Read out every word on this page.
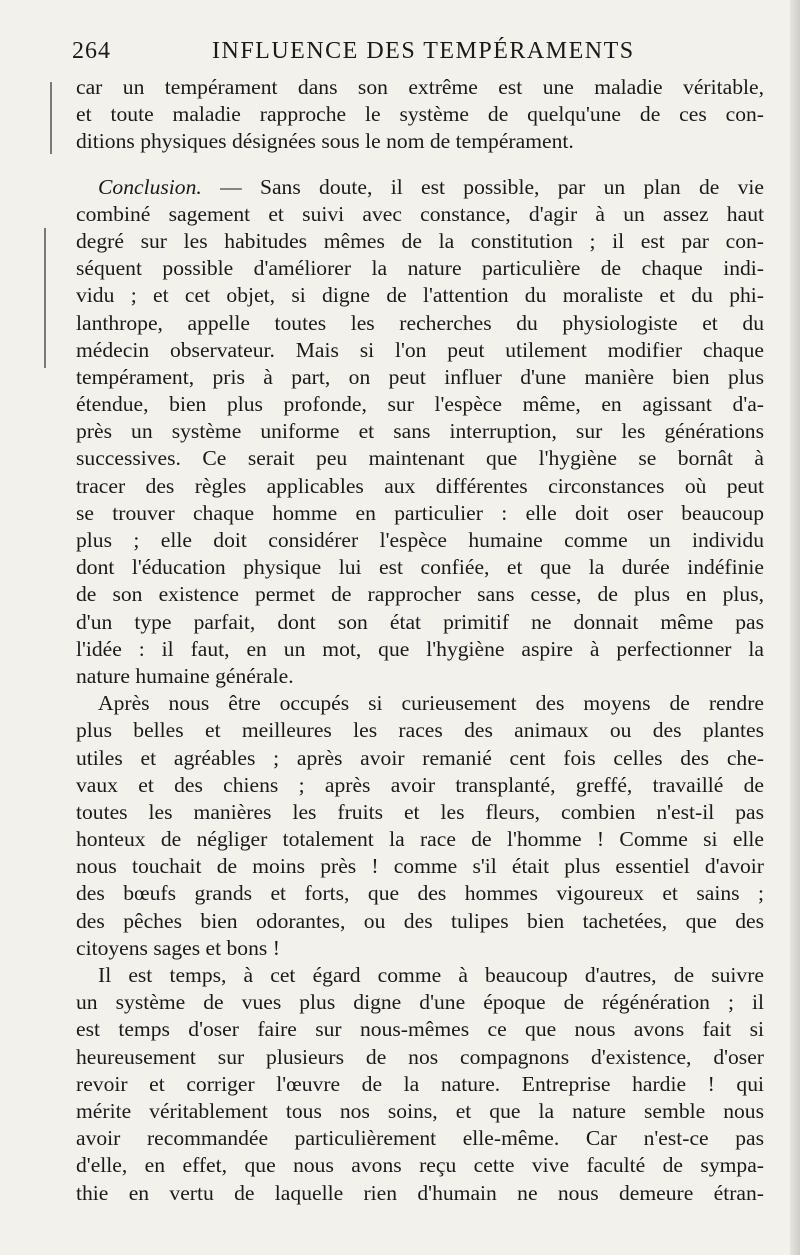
264	INFLUENCE DES TEMPÉRAMENTS
car un tempérament dans son extrême est une maladie véritable,
et toute maladie rapproche le système de quelqu'une de ces con-
ditions physiques désignées sous le nom de tempérament.
Conclusion. — Sans doute, il est possible, par un plan de vie
combiné sagement et suivi avec constance, d'agir à un assez haut
degré sur les habitudes mêmes de la constitution ; il est par con-
séquent possible d'améliorer la nature particulière de chaque indi-
vidu ; et cet objet, si digne de l'attention du moraliste et du phi-
lanthrope, appelle toutes les recherches du physiologiste et du
médecin observateur. Mais si l'on peut utilement modifier chaque
tempérament, pris à part, on peut influer d'une manière bien plus
étendue, bien plus profonde, sur l'espèce même, en agissant d'a-
près un système uniforme et sans interruption, sur les générations
successives. Ce serait peu maintenant que l'hygiène se bornât à
tracer des règles applicables aux différentes circonstances où peut
se trouver chaque homme en particulier : elle doit oser beaucoup
plus ; elle doit considérer l'espèce humaine comme un individu
dont l'éducation physique lui est confiée, et que la durée indéfinie
de son existence permet de rapprocher sans cesse, de plus en plus,
d'un type parfait, dont son état primitif ne donnait même pas
l'idée : il faut, en un mot, que l'hygiène aspire à perfectionner la
nature humaine générale.
Après nous être occupés si curieusement des moyens de rendre
plus belles et meilleures les races des animaux ou des plantes
utiles et agréables ; après avoir remanié cent fois celles des che-
vaux et des chiens ; après avoir transplanté, greffé, travaillé de
toutes les manières les fruits et les fleurs, combien n'est-il pas
honteux de négliger totalement la race de l'homme ! Comme si elle
nous touchait de moins près ! comme s'il était plus essentiel d'avoir
des bœufs grands et forts, que des hommes vigoureux et sains ;
des pêches bien odorantes, ou des tulipes bien tachetées, que des
citoyens sages et bons !
Il est temps, à cet égard comme à beaucoup d'autres, de suivre
un système de vues plus digne d'une époque de régénération ; il
est temps d'oser faire sur nous-mêmes ce que nous avons fait si
heureusement sur plusieurs de nos compagnons d'existence, d'oser
revoir et corriger l'œuvre de la nature. Entreprise hardie ! qui
mérite véritablement tous nos soins, et que la nature semble nous
avoir recommandée particulièrement elle-même. Car n'est-ce pas
d'elle, en effet, que nous avons reçu cette vive faculté de sympa-
thie en vertu de laquelle rien d'humain ne nous demeure étran-
